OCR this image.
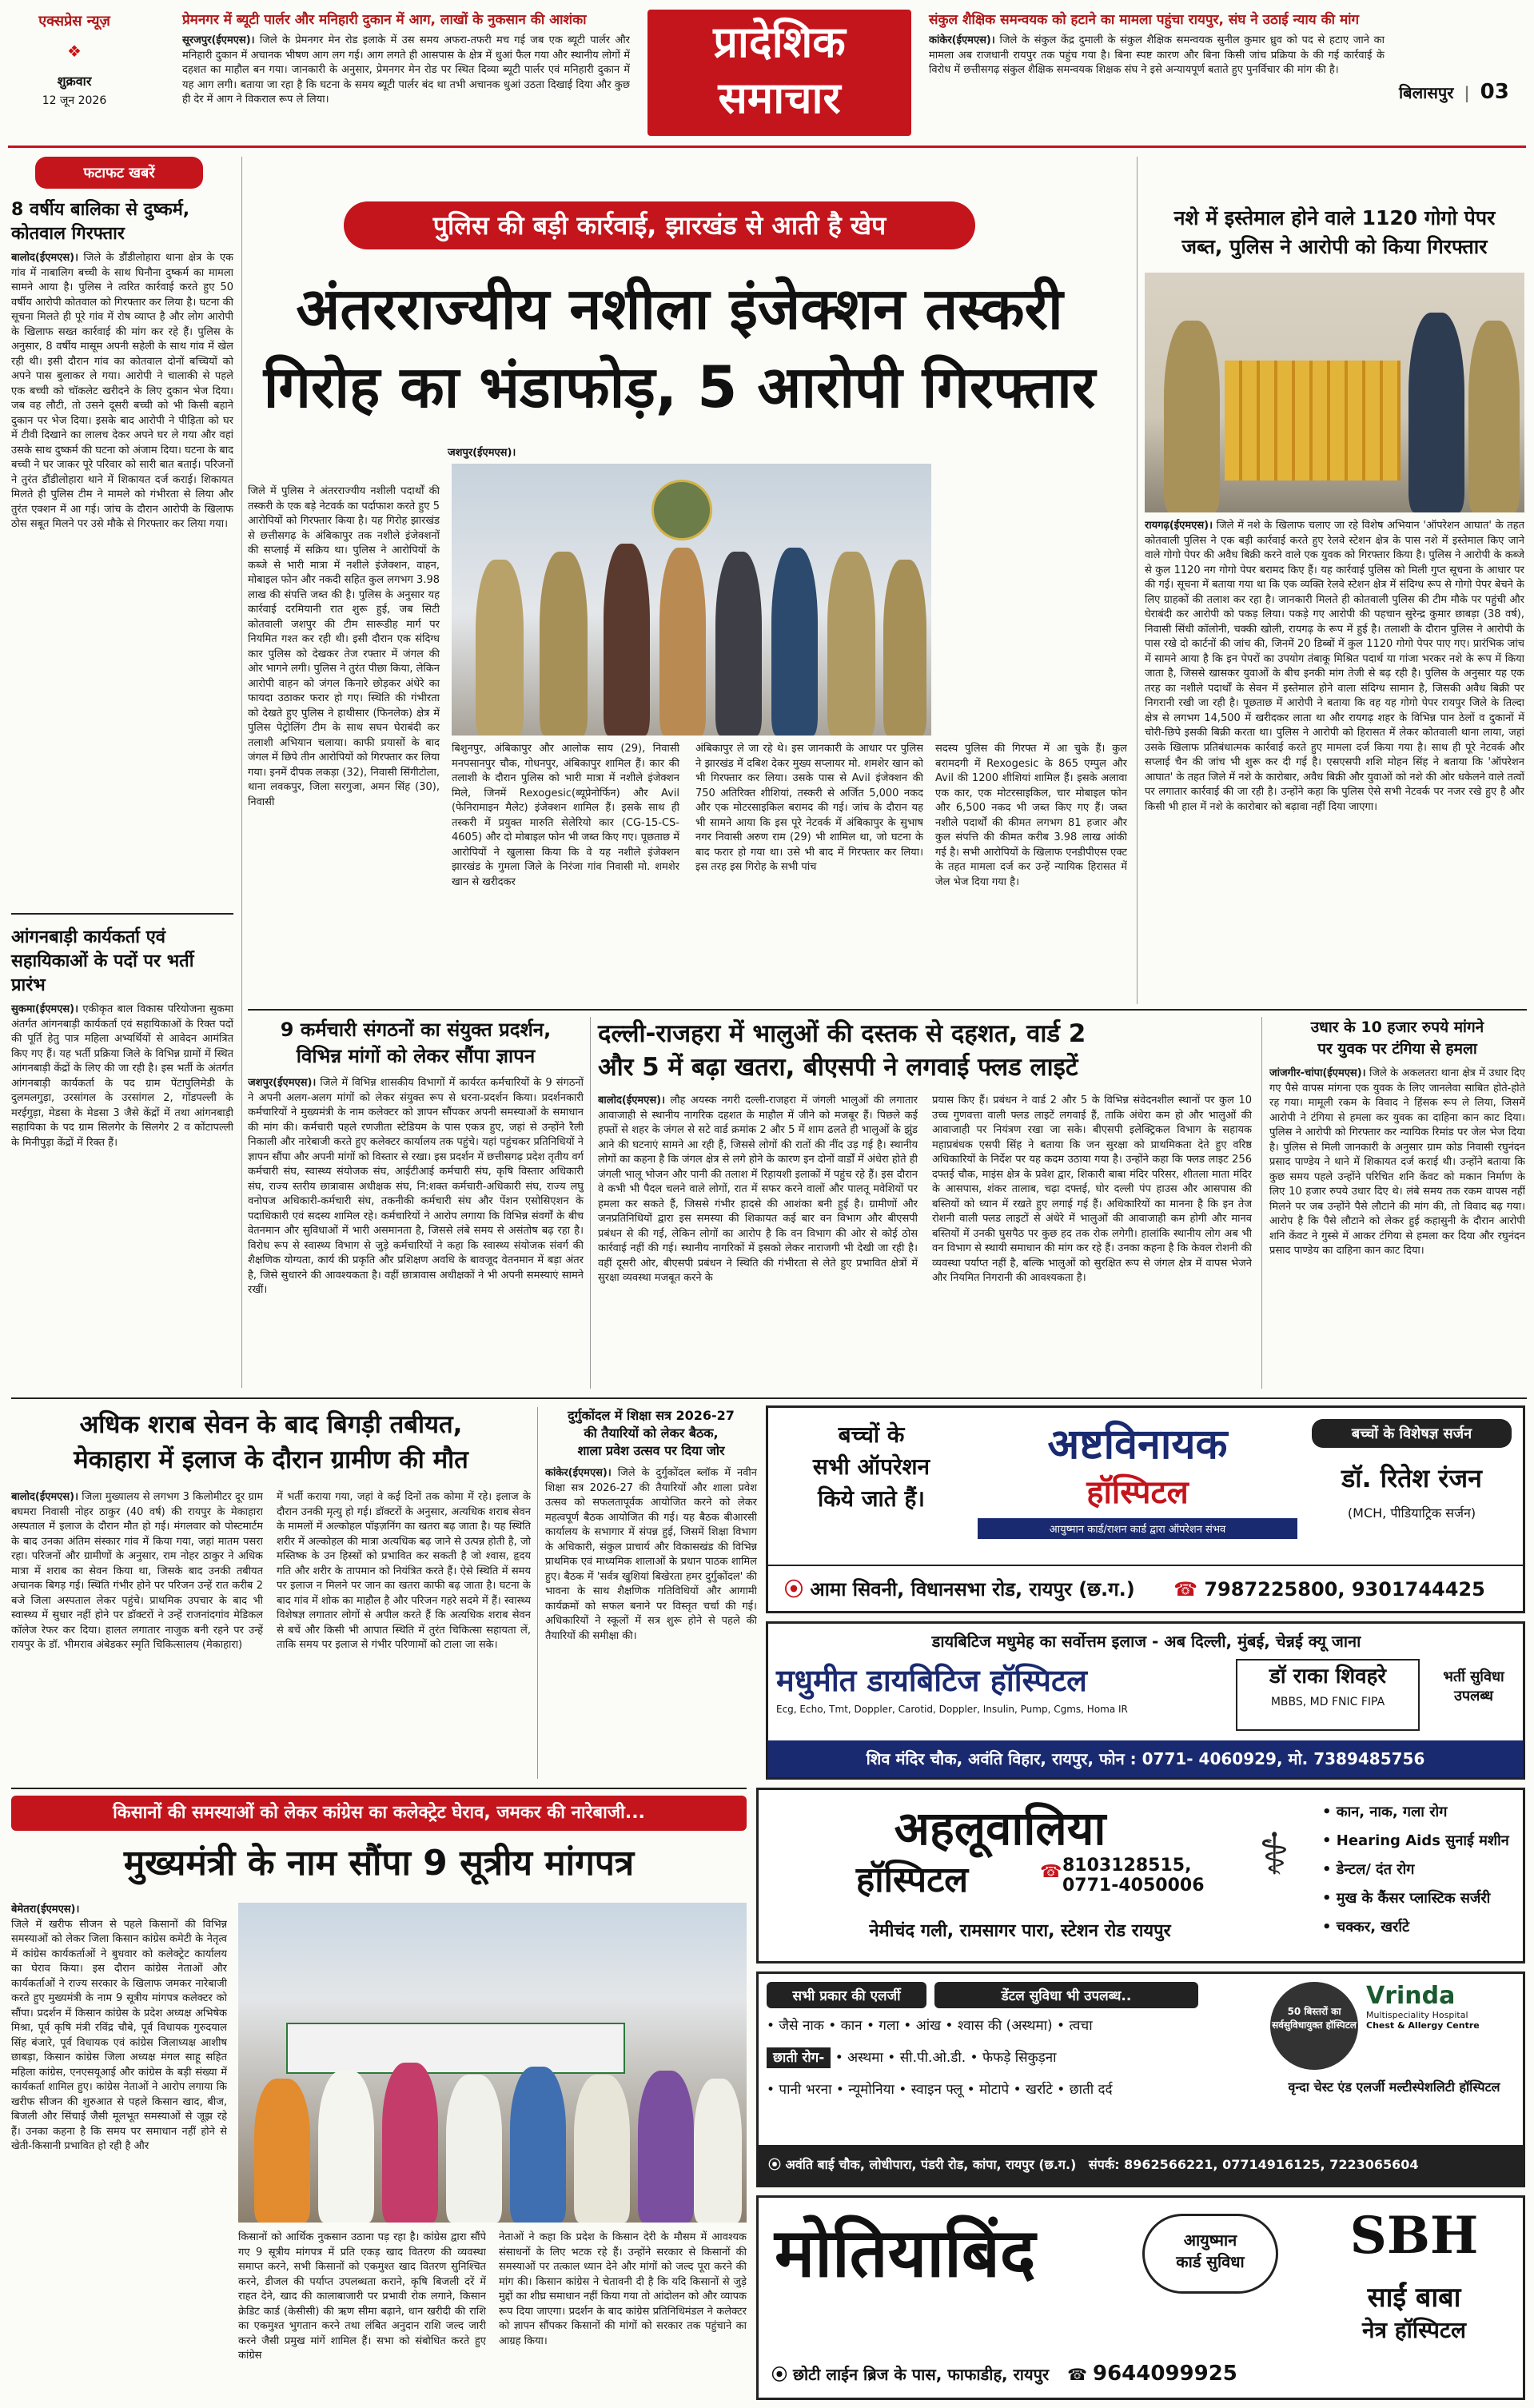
एक्सप्रेस न्यूज़
❖
शुक्रवार
12 जून 2026
प्रेमनगर में ब्यूटी पार्लर और मनिहारी दुकान में आग, लाखों के नुकसान की आशंका
सूरजपुर(ईएमएस)। जिले के प्रेमनगर मेन रोड इलाके में उस समय अफरा-तफरी मच गई जब एक ब्यूटी पार्लर और मनिहारी दुकान में अचानक भीषण आग लग गई। आग लगते ही आसपास के क्षेत्र में धुआं फैल गया और स्थानीय लोगों में दहशत का माहौल बन गया। जानकारी के अनुसार, प्रेमनगर मेन रोड पर स्थित दिव्या ब्यूटी पार्लर एवं मनिहारी दुकान में यह आग लगी। बताया जा रहा है कि घटना के समय ब्यूटी पार्लर बंद था तभी अचानक धुआं उठता दिखाई दिया और कुछ ही देर में आग ने विकराल रूप ले लिया।
प्रादेशिक
समाचार
संकुल शैक्षिक समन्वयक को हटाने का मामला पहुंचा रायपुर, संघ ने उठाई न्याय की मांग
कांकेर(ईएमएस)। जिले के संकुल केंद्र दुमाली के संकुल शैक्षिक समन्वयक सुनील कुमार ध्रुव को पद से हटाए जाने का मामला अब राजधानी रायपुर तक पहुंच गया है। बिना स्पष्ट कारण और बिना किसी जांच प्रक्रिया के की गई कार्रवाई के विरोध में छत्तीसगढ़ संकुल शैक्षिक समन्वयक शिक्षक संघ ने इसे अन्यायपूर्ण बताते हुए पुनर्विचार की मांग की है।
बिलासपुर | 03
फटाफट खबरें
8 वर्षीय बालिका से दुष्कर्म, कोतवाल गिरफ्तार
बालोद(ईएमएस)। जिले के डौंडीलोहारा थाना क्षेत्र के एक गांव में नाबालिग बच्ची के साथ घिनौना दुष्कर्म का मामला सामने आया है। पुलिस ने त्वरित कार्रवाई करते हुए 50 वर्षीय आरोपी कोतवाल को गिरफ्तार कर लिया है। घटना की सूचना मिलते ही पूरे गांव में रोष व्याप्त है और लोग आरोपी के खिलाफ सख्त कार्रवाई की मांग कर रहे हैं। पुलिस के अनुसार, 8 वर्षीय मासूम अपनी सहेली के साथ गांव में खेल रही थी। इसी दौरान गांव का कोतवाल दोनों बच्चियों को अपने पास बुलाकर ले गया। आरोपी ने चालाकी से पहले एक बच्ची को चॉकलेट खरीदने के लिए दुकान भेज दिया। जब वह लौटी, तो उसने दूसरी बच्ची को भी किसी बहाने दुकान पर भेज दिया। इसके बाद आरोपी ने पीड़िता को घर में टीवी दिखाने का लालच देकर अपने घर ले गया और वहां उसके साथ दुष्कर्म की घटना को अंजाम दिया। घटना के बाद बच्ची ने घर जाकर पूरे परिवार को सारी बात बताई। परिजनों ने तुरंत डौंडीलोहारा थाने में शिकायत दर्ज कराई। शिकायत मिलते ही पुलिस टीम ने मामले को गंभीरता से लिया और तुरंत एक्शन में आ गई। जांच के दौरान आरोपी के खिलाफ ठोस सबूत मिलने पर उसे मौके से गिरफ्तार कर लिया गया।
आंगनबाड़ी कार्यकर्ता एवं सहायिकाओं के पदों पर भर्ती प्रारंभ
सुकमा(ईएमएस)। एकीकृत बाल विकास परियोजना सुकमा अंतर्गत आंगनबाड़ी कार्यकर्ता एवं सहायिकाओं के रिक्त पदों की पूर्ति हेतु पात्र महिला अभ्यर्थियों से आवेदन आमंत्रित किए गए हैं। यह भर्ती प्रक्रिया जिले के विभिन्न ग्रामों में स्थित आंगनबाड़ी केंद्रों के लिए की जा रही है। इस भर्ती के अंतर्गत आंगनबाड़ी कार्यकर्ता के पद ग्राम पेंटापुलिमेडी के दुलमलगुड़ा, उरसांगल के उरसांगल 2, गोंडपल्ली के मरईगुड़ा, मेडसा के मेडसा 3 जैसे केंद्रों में तथा आंगनबाड़ी सहायिका के पद ग्राम सिलगेर के सिलगेर 2 व कोंटापल्ली के मिनीपुड़ा केंद्रों में रिक्त हैं।
पुलिस की बड़ी कार्रवाई, झारखंड से आती है खेप
अंतरराज्यीय नशीला इंजेक्शन तस्करी
गिरोह का भंडाफोड़, 5 आरोपी गिरफ्तार
जशपुर(ईएमएस)।
जिले में पुलिस ने अंतरराज्यीय नशीली पदार्थों की तस्करी के एक बड़े नेटवर्क का पर्दाफाश करते हुए 5 आरोपियों को गिरफ्तार किया है। यह गिरोह झारखंड से छत्तीसगढ़ के अंबिकापुर तक नशीले इंजेक्शनों की सप्लाई में सक्रिय था। पुलिस ने आरोपियों के कब्जे से भारी मात्रा में नशीले इंजेक्शन, वाहन, मोबाइल फोन और नकदी सहित कुल लगभग 3.98 लाख की संपत्ति जब्त की है। पुलिस के अनुसार यह कार्रवाई दरमियानी रात शुरू हुई, जब सिटी कोतवाली जशपुर की टीम सारूडीह मार्ग पर नियमित गश्त कर रही थी। इसी दौरान एक संदिग्ध कार पुलिस को देखकर तेज रफ्तार में जंगल की ओर भागने लगी। पुलिस ने तुरंत पीछा किया, लेकिन आरोपी वाहन को जंगल किनारे छोड़कर अंधेरे का फायदा उठाकर फरार हो गए। स्थिति की गंभीरता को देखते हुए पुलिस ने हाथीसार (फिनलेक) क्षेत्र में पुलिस पेट्रोलिंग टीम के साथ सघन घेराबंदी कर तलाशी अभियान चलाया। काफी प्रयासों के बाद जंगल में छिपे तीन आरोपियों को गिरफ्तार कर लिया गया। इनमें दीपक लकड़ा (32), निवासी सिंगीटोला, थाना लवकपुर, जिला सरगुजा, अमन सिंह (30), निवासी
बिशुनपुर, अंबिकापुर और आलोक साय (29), निवासी मनपसानपुर चौक, गोधनपुर, अंबिकापुर शामिल हैं। कार की तलाशी के दौरान पुलिस को भारी मात्रा में नशीले इंजेक्शन मिले, जिनमें Rexogesic(ब्यूप्रेनोर्फिन) और Avil (फेनिरामाइन मैलेट) इंजेक्शन शामिल हैं। इसके साथ ही तस्करी में प्रयुक्त मारुति सेलेरियो कार (CG-15-CS-4605) और दो मोबाइल फोन भी जब्त किए गए। पूछताछ में आरोपियों ने खुलासा किया कि वे यह नशीले इंजेक्शन झारखंड के गुमला जिले के निरंजा गांव निवासी मो. शमशेर खान से खरीदकर
अंबिकापुर ले जा रहे थे। इस जानकारी के आधार पर पुलिस ने झारखंड में दबिश देकर मुख्य सप्लायर मो. शमशेर खान को भी गिरफ्तार कर लिया। उसके पास से Avil इंजेक्शन की 750 अतिरिक्त शीशियां, तस्करी से अर्जित 5,000 नकद और एक मोटरसाइकिल बरामद की गई। जांच के दौरान यह भी सामने आया कि इस पूरे नेटवर्क में अंबिकापुर के सुभाष नगर निवासी अरुण राम (29) भी शामिल था, जो घटना के बाद फरार हो गया था। उसे भी बाद में गिरफ्तार कर लिया। इस तरह इस गिरोह के सभी पांच
सदस्य पुलिस की गिरफ्त में आ चुके हैं। कुल बरामदगी में Rexogesic के 865 एम्पुल और Avil की 1200 शीशियां शामिल हैं। इसके अलावा एक कार, एक मोटरसाइकिल, चार मोबाइल फोन और 6,500 नकद भी जब्त किए गए हैं। जब्त नशीले पदार्थों की कीमत लगभग 81 हजार और कुल संपत्ति की कीमत करीब 3.98 लाख आंकी गई है। सभी आरोपियों के खिलाफ एनडीपीएस एक्ट के तहत मामला दर्ज कर उन्हें न्यायिक हिरासत में जेल भेज दिया गया है।
नशे में इस्तेमाल होने वाले 1120 गोगो पेपर
जब्त, पुलिस ने आरोपी को किया गिरफ्तार
रायगढ़(ईएमएस)। जिले में नशे के खिलाफ चलाए जा रहे विशेष अभियान 'ऑपरेशन आघात' के तहत कोतवाली पुलिस ने एक बड़ी कार्रवाई करते हुए रेलवे स्टेशन क्षेत्र के पास नशे में इस्तेमाल किए जाने वाले गोगो पेपर की अवैध बिक्री करने वाले एक युवक को गिरफ्तार किया है। पुलिस ने आरोपी के कब्जे से कुल 1120 नग गोगो पेपर बरामद किए हैं। यह कार्रवाई पुलिस को मिली गुप्त सूचना के आधार पर की गई। सूचना में बताया गया था कि एक व्यक्ति रेलवे स्टेशन क्षेत्र में संदिग्ध रूप से गोगो पेपर बेचने के लिए ग्राहकों की तलाश कर रहा है। जानकारी मिलते ही कोतवाली पुलिस की टीम मौके पर पहुंची और घेराबंदी कर आरोपी को पकड़ लिया। पकड़े गए आरोपी की पहचान सुरेन्द्र कुमार छाबड़ा (38 वर्ष), निवासी सिंधी कॉलोनी, चक्की खोली, रायगढ़ के रूप में हुई है। तलाशी के दौरान पुलिस ने आरोपी के पास रखे दो कार्टनों की जांच की, जिनमें 20 डिब्बों में कुल 1120 गोगो पेपर पाए गए। प्रारंभिक जांच में सामने आया है कि इन पेपरों का उपयोग तंबाकू मिश्रित पदार्थ या गांजा भरकर नशे के रूप में किया जाता है, जिससे खासकर युवाओं के बीच इनकी मांग तेजी से बढ़ रही है। पुलिस के अनुसार यह एक तरह का नशीले पदार्थों के सेवन में इस्तेमाल होने वाला संदिग्ध सामान है, जिसकी अवैध बिक्री पर निगरानी रखी जा रही है। पूछताछ में आरोपी ने बताया कि वह यह गोगो पेपर रायपुर जिले के तिल्दा क्षेत्र से लगभग 14,500 में खरीदकर लाता था और रायगढ़ शहर के विभिन्न पान ठेलों व दुकानों में चोरी-छिपे इसकी बिक्री करता था। पुलिस ने आरोपी को हिरासत में लेकर कोतवाली थाना लाया, जहां उसके खिलाफ प्रतिबंधात्मक कार्रवाई करते हुए मामला दर्ज किया गया है। साथ ही पूरे नेटवर्क और सप्लाई चैन की जांच भी शुरू कर दी गई है। एसएसपी शशि मोहन सिंह ने बताया कि 'ऑपरेशन आघात' के तहत जिले में नशे के कारोबार, अवैध बिक्री और युवाओं को नशे की ओर धकेलने वाले तत्वों पर लगातार कार्रवाई की जा रही है। उन्होंने कहा कि पुलिस ऐसे सभी नेटवर्क पर नजर रखे हुए है और किसी भी हाल में नशे के कारोबार को बढ़ावा नहीं दिया जाएगा।
9 कर्मचारी संगठनों का संयुक्त प्रदर्शन,
विभिन्न मांगों को लेकर सौंपा ज्ञापन
जशपुर(ईएमएस)। जिले में विभिन्न शासकीय विभागों में कार्यरत कर्मचारियों के 9 संगठनों ने अपनी अलग-अलग मांगों को लेकर संयुक्त रूप से धरना-प्रदर्शन किया। प्रदर्शनकारी कर्मचारियों ने मुख्यमंत्री के नाम कलेक्टर को ज्ञापन सौंपकर अपनी समस्याओं के समाधान की मांग की। कर्मचारी पहले रणजीता स्टेडियम के पास एकत्र हुए, जहां से उन्होंने रैली निकाली और नारेबाजी करते हुए कलेक्टर कार्यालय तक पहुंचे। यहां पहुंचकर प्रतिनिधियों ने ज्ञापन सौंपा और अपनी मांगों को विस्तार से रखा। इस प्रदर्शन में छत्तीसगढ़ प्रदेश तृतीय वर्ग कर्मचारी संघ, स्वास्थ्य संयोजक संघ, आईटीआई कर्मचारी संघ, कृषि विस्तार अधिकारी संघ, राज्य स्तरीय छात्रावास अधीक्षक संघ, नि:शक्त कर्मचारी-अधिकारी संघ, राज्य लघु वनोपज अधिकारी-कर्मचारी संघ, तकनीकी कर्मचारी संघ और पेंशन एसोसिएशन के पदाधिकारी एवं सदस्य शामिल रहे। कर्मचारियों ने आरोप लगाया कि विभिन्न संवर्गों के बीच वेतनमान और सुविधाओं में भारी असमानता है, जिससे लंबे समय से असंतोष बढ़ रहा है। विरोध रूप से स्वास्थ्य विभाग से जुड़े कर्मचारियों ने कहा कि स्वास्थ्य संयोजक संवर्ग की शैक्षणिक योग्यता, कार्य की प्रकृति और प्रशिक्षण अवधि के बावजूद वेतनमान में बड़ा अंतर है, जिसे सुधारने की आवश्यकता है। वहीं छात्रावास अधीक्षकों ने भी अपनी समस्याएं सामने रखीं।
दल्ली-राजहरा में भालुओं की दस्तक से दहशत, वार्ड 2
और 5 में बढ़ा खतरा, बीएसपी ने लगवाई फ्लड लाइटें
बालोद(ईएमएस)। लौह अयस्क नगरी दल्ली-राजहरा में जंगली भालुओं की लगातार आवाजाही से स्थानीय नागरिक दहशत के माहौल में जीने को मजबूर हैं। पिछले कई हफ्तों से शहर के जंगल से सटे वार्ड क्रमांक 2 और 5 में शाम ढलते ही भालुओं के झुंड आने की घटनाएं सामने आ रही हैं, जिससे लोगों की रातों की नींद उड़ गई है। स्थानीय लोगों का कहना है कि जंगल क्षेत्र से लगे होने के कारण इन दोनों वार्डों में अंधेरा होते ही जंगली भालू भोजन और पानी की तलाश में रिहायशी इलाकों में पहुंच रहे हैं। इस दौरान वे कभी भी पैदल चलने वाले लोगों, रात में सफर करने वालों और पालतू मवेशियों पर हमला कर सकते हैं, जिससे गंभीर हादसे की आशंका बनी हुई है। ग्रामीणों और जनप्रतिनिधियों द्वारा इस समस्या की शिकायत कई बार वन विभाग और बीएसपी प्रबंधन से की गई, लेकिन लोगों का आरोप है कि वन विभाग की ओर से कोई ठोस कार्रवाई नहीं की गई। स्थानीय नागरिकों में इसको लेकर नाराजगी भी देखी जा रही है। वहीं दूसरी ओर, बीएसपी प्रबंधन ने स्थिति की गंभीरता से लेते हुए प्रभावित क्षेत्रों में सुरक्षा व्यवस्था मजबूत करने के
प्रयास किए हैं। प्रबंधन ने वार्ड 2 और 5 के विभिन्न संवेदनशील स्थानों पर कुल 10 उच्च गुणवत्ता वाली फ्लड लाइटें लगवाई हैं, ताकि अंधेरा कम हो और भालुओं की आवाजाही पर नियंत्रण रखा जा सके। बीएसपी इलेक्ट्रिकल विभाग के सहायक महाप्रबंधक एसपी सिंह ने बताया कि जन सुरक्षा को प्राथमिकता देते हुए वरिष्ठ अधिकारियों के निर्देश पर यह कदम उठाया गया है। उन्होंने कहा कि फ्लड लाइट 256 दफ्तई चौक, माइंस क्षेत्र के प्रवेश द्वार, शिकारी बाबा मंदिर परिसर, शीतला माता मंदिर के आसपास, शंकर तालाब, चढ़ा दफ्तई, घोर दल्ली पंप हाउस और आसपास की बस्तियों को ध्यान में रखते हुए लगाई गई हैं। अधिकारियों का मानना है कि इन तेज रोशनी वाली फ्लड लाइटों से अंधेरे में भालुओं की आवाजाही कम होगी और मानव बस्तियों में उनकी घुसपैठ पर कुछ हद तक रोक लगेगी। हालांकि स्थानीय लोग अब भी वन विभाग से स्थायी समाधान की मांग कर रहे हैं। उनका कहना है कि केवल रोशनी की व्यवस्था पर्याप्त नहीं है, बल्कि भालुओं को सुरक्षित रूप से जंगल क्षेत्र में वापस भेजने और नियमित निगरानी की आवश्यकता है।
उधार के 10 हजार रुपये मांगने
पर युवक पर टंगिया से हमला
जांजगीर-चांपा(ईएमएस)। जिले के अकलतरा थाना क्षेत्र में उधार दिए गए पैसे वापस मांगना एक युवक के लिए जानलेवा साबित होते-होते रह गया। मामूली रकम के विवाद ने हिंसक रूप ले लिया, जिसमें आरोपी ने टंगिया से हमला कर युवक का दाहिना कान काट दिया। पुलिस ने आरोपी को गिरफ्तार कर न्यायिक रिमांड पर जेल भेज दिया है। पुलिस से मिली जानकारी के अनुसार ग्राम कोड निवासी रघुनंदन प्रसाद पाण्डेय ने थाने में शिकायत दर्ज कराई थी। उन्होंने बताया कि कुछ समय पहले उन्होंने परिचित शनि केंवट को मकान निर्माण के लिए 10 हजार रुपये उधार दिए थे। लंबे समय तक रकम वापस नहीं मिलने पर जब उन्होंने पैसे लौटाने की मांग की, तो विवाद बढ़ गया। आरोप है कि पैसे लौटाने को लेकर हुई कहासुनी के दौरान आरोपी शनि केंवट ने गुस्से में आकर टंगिया से हमला कर दिया और रघुनंदन प्रसाद पाण्डेय का दाहिना कान काट दिया।
अधिक शराब सेवन के बाद बिगड़ी तबीयत,
मेकाहारा में इलाज के दौरान ग्रामीण की मौत
बालोद(ईएमएस)। जिला मुख्यालय से लगभग 3 किलोमीटर दूर ग्राम बघमरा निवासी नोहर ठाकुर (40 वर्ष) की रायपुर के मेकाहारा अस्पताल में इलाज के दौरान मौत हो गई। मंगलवार को पोस्टमार्टम के बाद उनका अंतिम संस्कार गांव में किया गया, जहां मातम पसरा रहा। परिजनों और ग्रामीणों के अनुसार, राम नोहर ठाकुर ने अधिक मात्रा में शराब का सेवन किया था, जिसके बाद उनकी तबीयत अचानक बिगड़ गई। स्थिति गंभीर होने पर परिजन उन्हें रात करीब 2 बजे जिला अस्पताल लेकर पहुंचे। प्राथमिक उपचार के बाद भी स्वास्थ्य में सुधार नहीं होने पर डॉक्टरों ने उन्हें राजनांदगांव मेडिकल कॉलेज रेफर कर दिया। हालत लगातार नाजुक बनी रहने पर उन्हें रायपुर के डॉ. भीमराव अंबेडकर स्मृति चिकित्सालय (मेकाहारा)
में भर्ती कराया गया, जहां वे कई दिनों तक कोमा में रहे। इलाज के दौरान उनकी मृत्यु हो गई। डॉक्टरों के अनुसार, अत्यधिक शराब सेवन के मामलों में अल्कोहल पॉइज़निंग का खतरा बढ़ जाता है। यह स्थिति शरीर में अल्कोहल की मात्रा अत्यधिक बढ़ जाने से उत्पन्न होती है, जो मस्तिष्क के उन हिस्सों को प्रभावित कर सकती है जो श्वास, हृदय गति और शरीर के तापमान को नियंत्रित करते हैं। ऐसे स्थिति में समय पर इलाज न मिलने पर जान का खतरा काफी बढ़ जाता है। घटना के बाद गांव में शोक का माहौल है और परिजन गहरे सदमे में हैं। स्वास्थ्य विशेषज्ञ लगातार लोगों से अपील करते हैं कि अत्यधिक शराब सेवन से बचें और किसी भी आपात स्थिति में तुरंत चिकित्सा सहायता लें, ताकि समय पर इलाज से गंभीर परिणामों को टाला जा सके।
दुर्गुकोंदल में शिक्षा सत्र 2026-27
की तैयारियों को लेकर बैठक,
शाला प्रवेश उत्सव पर दिया जोर
कांकेर(ईएमएस)। जिले के दुर्गुकोंदल ब्लॉक में नवीन शिक्षा सत्र 2026-27 की तैयारियों और शाला प्रवेश उत्सव को सफलतापूर्वक आयोजित करने को लेकर महत्वपूर्ण बैठक आयोजित की गई। यह बैठक बीआरसी कार्यालय के सभागार में संपन्न हुई, जिसमें शिक्षा विभाग के अधिकारी, संकुल प्राचार्य और विकासखंड की विभिन्न प्राथमिक एवं माध्यमिक शालाओं के प्रधान पाठक शामिल हुए। बैठक में 'सर्वत्र खुशियां बिखेरता हमर दुर्गुकोंदल' की भावना के साथ शैक्षणिक गतिविधियों और आगामी कार्यक्रमों को सफल बनाने पर विस्तृत चर्चा की गई। अधिकारियों ने स्कूलों में सत्र शुरू होने से पहले की तैयारियों की समीक्षा की।
बच्चों के
सभी ऑपरेशन
किये जाते हैं।
अष्टविनायक
हॉस्पिटल
आयुष्मान कार्ड/राशन कार्ड द्वारा ऑपरेशन संभव
बच्चों के विशेषज्ञ सर्जन
डॉ. रितेश रंजन
(MCH, पीडियाट्रिक सर्जन)
⦿ आमा सिवनी, विधानसभा रोड, रायपुर (छ.ग.) ☎ 7987225800, 9301744425
डायबिटिज मधुमेह का सर्वोत्तम इलाज - अब दिल्ली, मुंबई, चेन्नई क्यू जाना
मधुमीत डायबिटिज हॉस्पिटल
Ecg, Echo, Tmt, Doppler, Carotid, Doppler, Insulin, Pump, Cgms, Homa IR
डॉ राका शिवहरे
MBBS, MD FNIC FIPA
भर्ती सुविधा
उपलब्ध
शिव मंदिर चौक, अवंति विहार, रायपुर, फोन : 0771- 4060929, मो. 7389485756
किसानों की समस्याओं को लेकर कांग्रेस का कलेक्ट्रेट घेराव, जमकर की नारेबाजी...
मुख्यमंत्री के नाम सौंपा 9 सूत्रीय मांगपत्र
बेमेतरा(ईएमएस)।
जिले में खरीफ सीजन से पहले किसानों की विभिन्न समस्याओं को लेकर जिला किसान कांग्रेस कमेटी के नेतृत्व में कांग्रेस कार्यकर्ताओं ने बुधवार को कलेक्ट्रेट कार्यालय का घेराव किया। इस दौरान कांग्रेस नेताओं और कार्यकर्ताओं ने राज्य सरकार के खिलाफ जमकर नारेबाजी करते हुए मुख्यमंत्री के नाम 9 सूत्रीय मांगपत्र कलेक्टर को सौंपा। प्रदर्शन में किसान कांग्रेस के प्रदेश अध्यक्ष अभिषेक मिश्रा, पूर्व कृषि मंत्री रविंद्र चौबे, पूर्व विधायक गुरुदयाल सिंह बंजारे, पूर्व विधायक एवं कांग्रेस जिलाध्यक्ष आशीष छाबड़ा, किसान कांग्रेस जिला अध्यक्ष मंगल साहू सहित महिला कांग्रेस, एनएसयूआई और कांग्रेस के बड़ी संख्या में कार्यकर्ता शामिल हुए। कांग्रेस नेताओं ने आरोप लगाया कि खरीफ सीजन की शुरुआत से पहले किसान खाद, बीज, बिजली और सिंचाई जैसी मूलभूत समस्याओं से जूझ रहे हैं। उनका कहना है कि समय पर समाधान नहीं होने से खेती-किसानी प्रभावित हो रही है और
किसानों को आर्थिक नुकसान उठाना पड़ रहा है। कांग्रेस द्वारा सौंपे गए 9 सूत्रीय मांगपत्र में प्रति एकड़ खाद वितरण की व्यवस्था समाप्त करने, सभी किसानों को एकमुश्त खाद वितरण सुनिश्चित करने, डीजल की पर्याप्त उपलब्धता कराने, कृषि बिजली दरें में राहत देने, खाद की कालाबाजारी पर प्रभावी रोक लगाने, किसान क्रेडिट कार्ड (केसीसी) की ऋण सीमा बढ़ाने, धान खरीदी की राशि का एकमुश्त भुगतान करने तथा लंबित अनुदान राशि जल्द जारी करने जैसी प्रमुख मांगें शामिल हैं। सभा को संबोधित करते हुए कांग्रेस
नेताओं ने कहा कि प्रदेश के किसान देरी के मौसम में आवश्यक संसाधनों के लिए भटक रहे हैं। उन्होंने सरकार से किसानों की समस्याओं पर तत्काल ध्यान देने और मांगों को जल्द पूरा करने की मांग की। किसान कांग्रेस ने चेतावनी दी है कि यदि किसानों से जुड़े मुद्दों का शीघ्र समाधान नहीं किया गया तो आंदोलन को और व्यापक रूप दिया जाएगा। प्रदर्शन के बाद कांग्रेस प्रतिनिधिमंडल ने कलेक्टर को ज्ञापन सौंपकर किसानों की मांगों को सरकार तक पहुंचाने का आग्रह किया।
अहलूवालिया
हॉस्पिटल	☎ 8103128515,
0771-4050006
नेमीचंद गली, रामसागर पारा, स्टेशन रोड रायपुर
⚕
• कान, नाक, गला रोग
• Hearing Aids सुनाई मशीन
• डेन्टल/ दंत रोग
• मुख के कैंसर प्लास्टिक सर्जरी
• चक्कर, खर्राटे
सभी प्रकार की एलर्जी	डेंटल सुविधा भी उपलब्ध..
• जैसे नाक • कान • गला • आंख • श्वास की (अस्थमा) • त्वचा
छाती रोग- • अस्थमा • सी.पी.ओ.डी. • फेफड़े सिकुड़ना
• पानी भरना • न्यूमोनिया • स्वाइन फ्लू • मोटापे • खर्राटे • छाती दर्द
50 बिस्तरों का सर्वसुविधायुक्त हॉस्पिटल
Vrinda
Multispeciality Hospital
Chest & Allergy Centre
वृन्दा चेस्ट एंड एलर्जी मल्टीस्पेशलिटी हॉस्पिटल
⦿ अवंति बाई चौक, लोधीपारा, पंडरी रोड, कांपा, रायपुर (छ.ग.) संपर्क: 8962566221, 07714916125, 7223065604
मोतियाबिंद	आयुष्मान
कार्ड सुविधा	SBH
साईं बाबा
नेत्र हॉस्पिटल
⦿ छोटी लाईन ब्रिज के पास, फाफाडीह, रायपुर ☎ 9644099925
